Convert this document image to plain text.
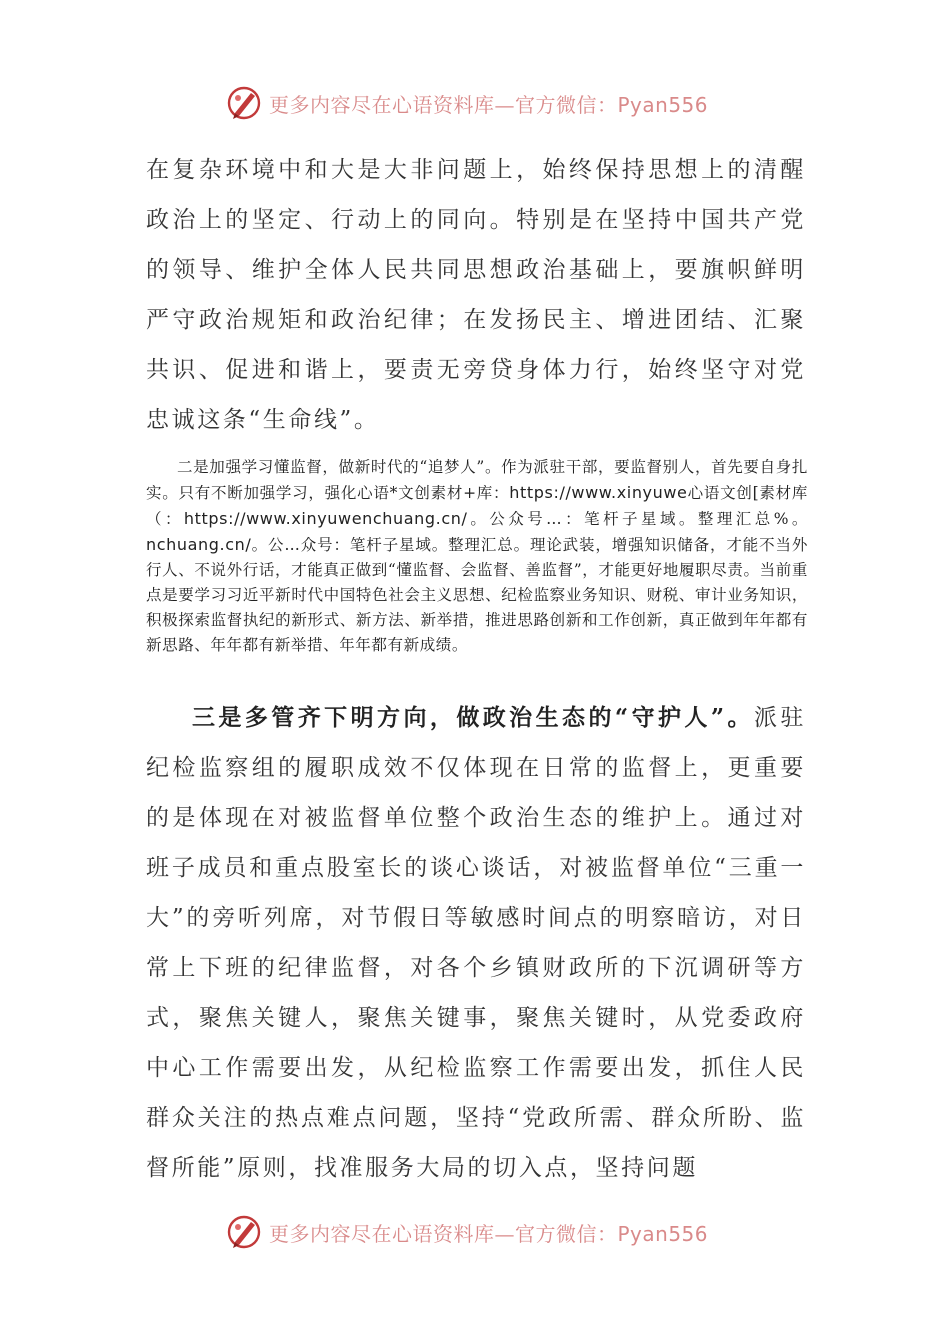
更多内容尽在心语资料库—官方微信：Pyan556

在复杂环境中和大是大非问题上，始终保持思想上的清醒政治上的坚定、行动上的同向。特别是在坚持中国共产党的领导、维护全体人民共同思想政治基础上，要旗帜鲜明严守政治规矩和政治纪律；在发扬民主、增进团结、汇聚共识、促进和谐上，要责无旁贷身体力行，始终坚守对党忠诚这条“生命线”。

二是加强学习懂监督，做新时代的“追梦人”。作为派驻干部，要监督别人，首先要自身扎实。只有不断加强学习，强化心语*文创素材+库：https://www.xinyuwe心语文创[素材库（：https://www.xinyuwenchuang.cn/。公众号…：笔杆子星域。整理汇总%。nchuang.cn/。公…众号：笔杆子星域。整理汇总。理论武装，增强知识储备，才能不当外行人、不说外行话，才能真正做到“懂监督、会监督、善监督”，才能更好地履职尽责。当前重点是要学习习近平新时代中国特色社会主义思想、纪检监察业务知识、财税、审计业务知识，积极探索监督执纪的新形式、新方法、新举措，推进思路创新和工作创新，真正做到年年都有新思路、年年都有新举措、年年都有新成绩。

三是多管齐下明方向，做政治生态的“守护人”。派驻纪检监察组的履职成效不仅体现在日常的监督上，更重要的是体现在对被监督单位整个政治生态的维护上。通过对班子成员和重点股室长的谈心谈话，对被监督单位“三重一大”的旁听列席，对节假日等敏感时间点的明察暗访，对日常上下班的纪律监督，对各个乡镇财政所的下沉调研等方式，聚焦关键人，聚焦关键事，聚焦关键时，从党委政府中心工作需要出发，从纪检监察工作需要出发，抓住人民群众关注的热点难点问题，坚持“党政所需、群众所盼、监督所能”原则，找准服务大局的切入点，坚持问题

更多内容尽在心语资料库—官方微信：Pyan556
